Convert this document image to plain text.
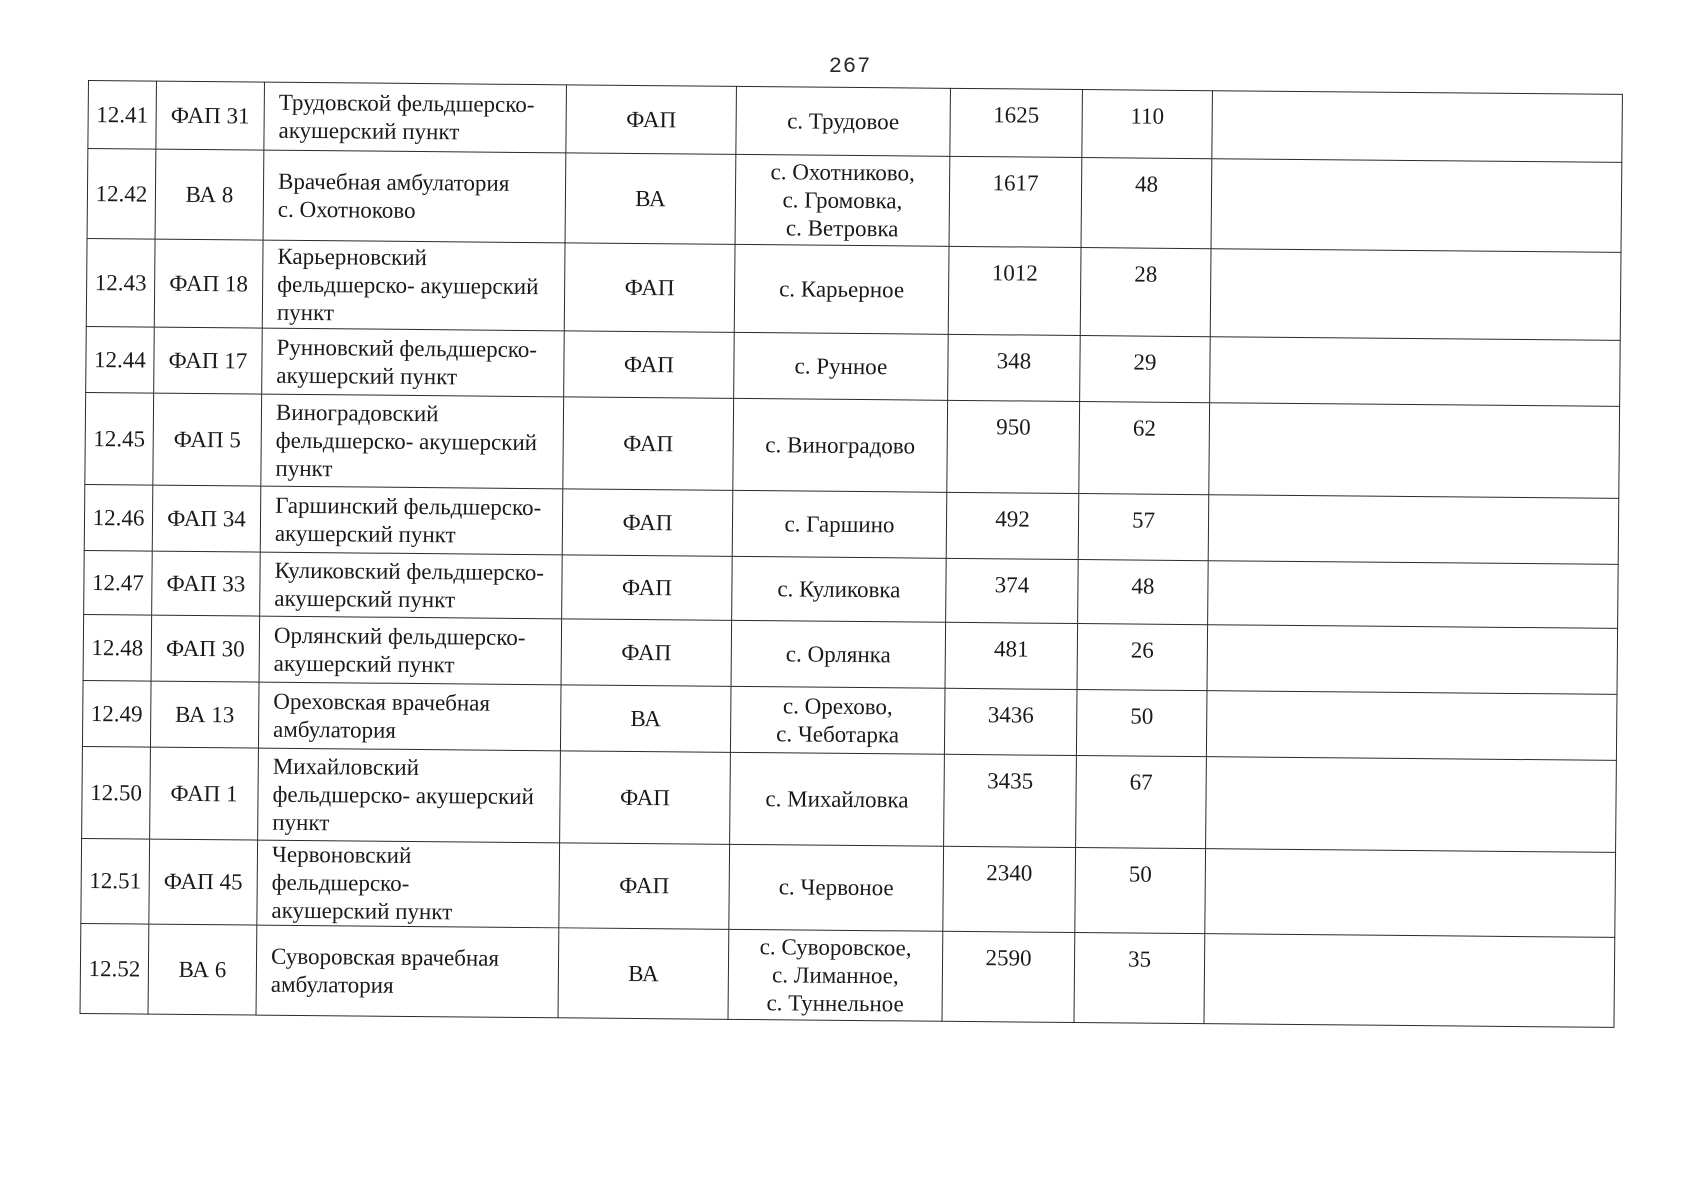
267
12.41	ФАП 31	Трудовской фельдшерско-
акушерский пункт	ФАП	с. Трудовое	1625	110	
12.42	ВА 8	Врачебная амбулатория
с. Охотноково	ВА	с. Охотниково,
с. Громовка,
с. Ветровка	1617	48	
12.43	ФАП 18	Карьерновский
фельдшерско- акушерский
пункт	ФАП	с. Карьерное	1012	28	
12.44	ФАП 17	Рунновский фельдшерско-
акушерский пункт	ФАП	с. Рунное	348	29	
12.45	ФАП 5	Виноградовский
фельдшерско- акушерский
пункт	ФАП	с. Виноградово	950	62	
12.46	ФАП 34	Гаршинский фельдшерско-
акушерский пункт	ФАП	с. Гаршино	492	57	
12.47	ФАП 33	Куликовский фельдшерско-
акушерский пункт	ФАП	с. Куликовка	374	48	
12.48	ФАП 30	Орлянский фельдшерско-
акушерский пункт	ФАП	с. Орлянка	481	26	
12.49	ВА 13	Ореховская врачебная
амбулатория	ВА	с. Орехово,
с. Чеботарка	3436	50	
12.50	ФАП 1	Михайловский
фельдшерско- акушерский
пункт	ФАП	с. Михайловка	3435	67	
12.51	ФАП 45	Червоновский фельдшерско-
акушерский пункт	ФАП	с. Червоное	2340	50	
12.52	ВА 6	Суворовская врачебная
амбулатория	ВА	с. Суворовское,
с. Лиманное,
с. Туннельное	2590	35	
